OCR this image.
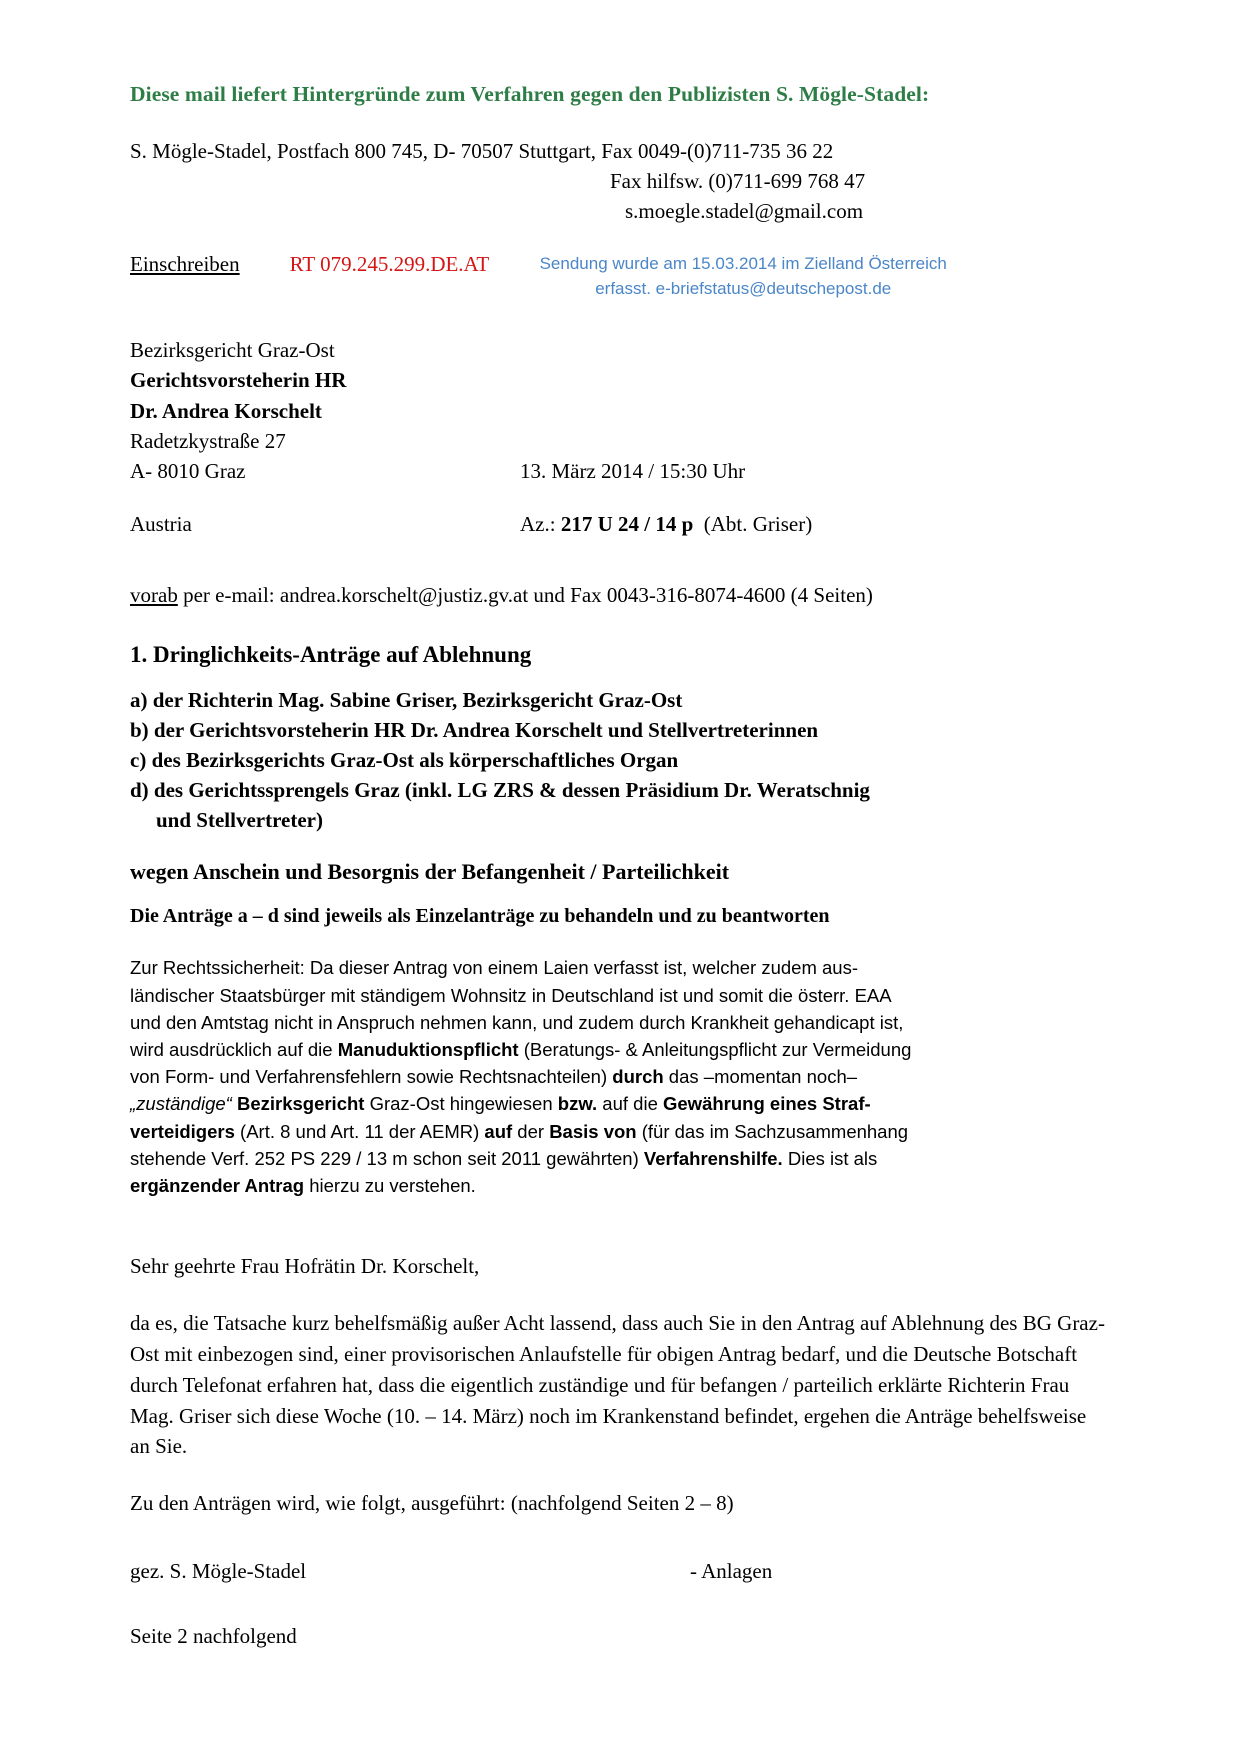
Diese mail liefert Hintergründe zum Verfahren gegen den Publizisten S. Mögle-Stadel:
S. Mögle-Stadel, Postfach 800 745, D- 70507 Stuttgart, Fax 0049-(0)711-735 36 22
Fax hilfsw. (0)711-699 768 47
s.moegle.stadel@gmail.com
Einschreiben RT 079.245.299.DE.AT	Sendung wurde am 15.03.2014 im Zielland Österreich erfasst. e-briefstatus@deutschepost.de
Bezirksgericht Graz-Ost
Gerichtsvorsteherin HR
Dr. Andrea Korschelt
Radetzkystraße 27
A- 8010 Graz	13. März 2014 / 15:30 Uhr
Austria	Az.: 217 U 24 / 14 p (Abt. Griser)
vorab per e-mail: andrea.korschelt@justiz.gv.at und Fax 0043-316-8074-4600 (4 Seiten)
1. Dringlichkeits-Anträge auf Ablehnung
a) der Richterin Mag. Sabine Griser, Bezirksgericht Graz-Ost
b) der Gerichtsvorsteherin HR Dr. Andrea Korschelt und Stellvertreterinnen
c) des Bezirksgerichts Graz-Ost als körperschaftliches Organ
d) des Gerichtssprengels Graz (inkl. LG ZRS & dessen Präsidium Dr. Weratschnig
und Stellvertreter)
wegen Anschein und Besorgnis der Befangenheit / Parteilichkeit
Die Anträge a – d sind jeweils als Einzelanträge zu behandeln und zu beantworten
Zur Rechtssicherheit: Da dieser Antrag von einem Laien verfasst ist, welcher zudem aus-
ländischer Staatsbürger mit ständigem Wohnsitz in Deutschland ist und somit die österr. EAA
und den Amtstag nicht in Anspruch nehmen kann, und zudem durch Krankheit gehandicapt ist,
wird ausdrücklich auf die Manuduktionspflicht (Beratungs- & Anleitungspflicht zur Vermeidung
von Form- und Verfahrensfehlern sowie Rechtsnachteilen) durch das –momentan noch–
„zuständige“ Bezirksgericht Graz-Ost hingewiesen bzw. auf die Gewährung eines Straf-
verteidigers (Art. 8 und Art. 11 der AEMR) auf der Basis von (für das im Sachzusammenhang
stehende Verf. 252 PS 229 / 13 m schon seit 2011 gewährten) Verfahrenshilfe. Dies ist als
ergänzender Antrag hierzu zu verstehen.
Sehr geehrte Frau Hofrätin Dr. Korschelt,
da es, die Tatsache kurz behelfsmäßig außer Acht lassend, dass auch Sie in den Antrag auf Ablehnung des BG Graz-Ost mit einbezogen sind, einer provisorischen Anlaufstelle für obigen Antrag bedarf, und die Deutsche Botschaft durch Telefonat erfahren hat, dass die eigentlich zuständige und für befangen / parteilich erklärte Richterin Frau Mag. Griser sich diese Woche (10. – 14. März) noch im Krankenstand befindet, ergehen die Anträge behelfsweise an Sie.
Zu den Anträgen wird, wie folgt, ausgeführt: (nachfolgend Seiten 2 – 8)
gez. S. Mögle-Stadel	- Anlagen
Seite 2 nachfolgend
